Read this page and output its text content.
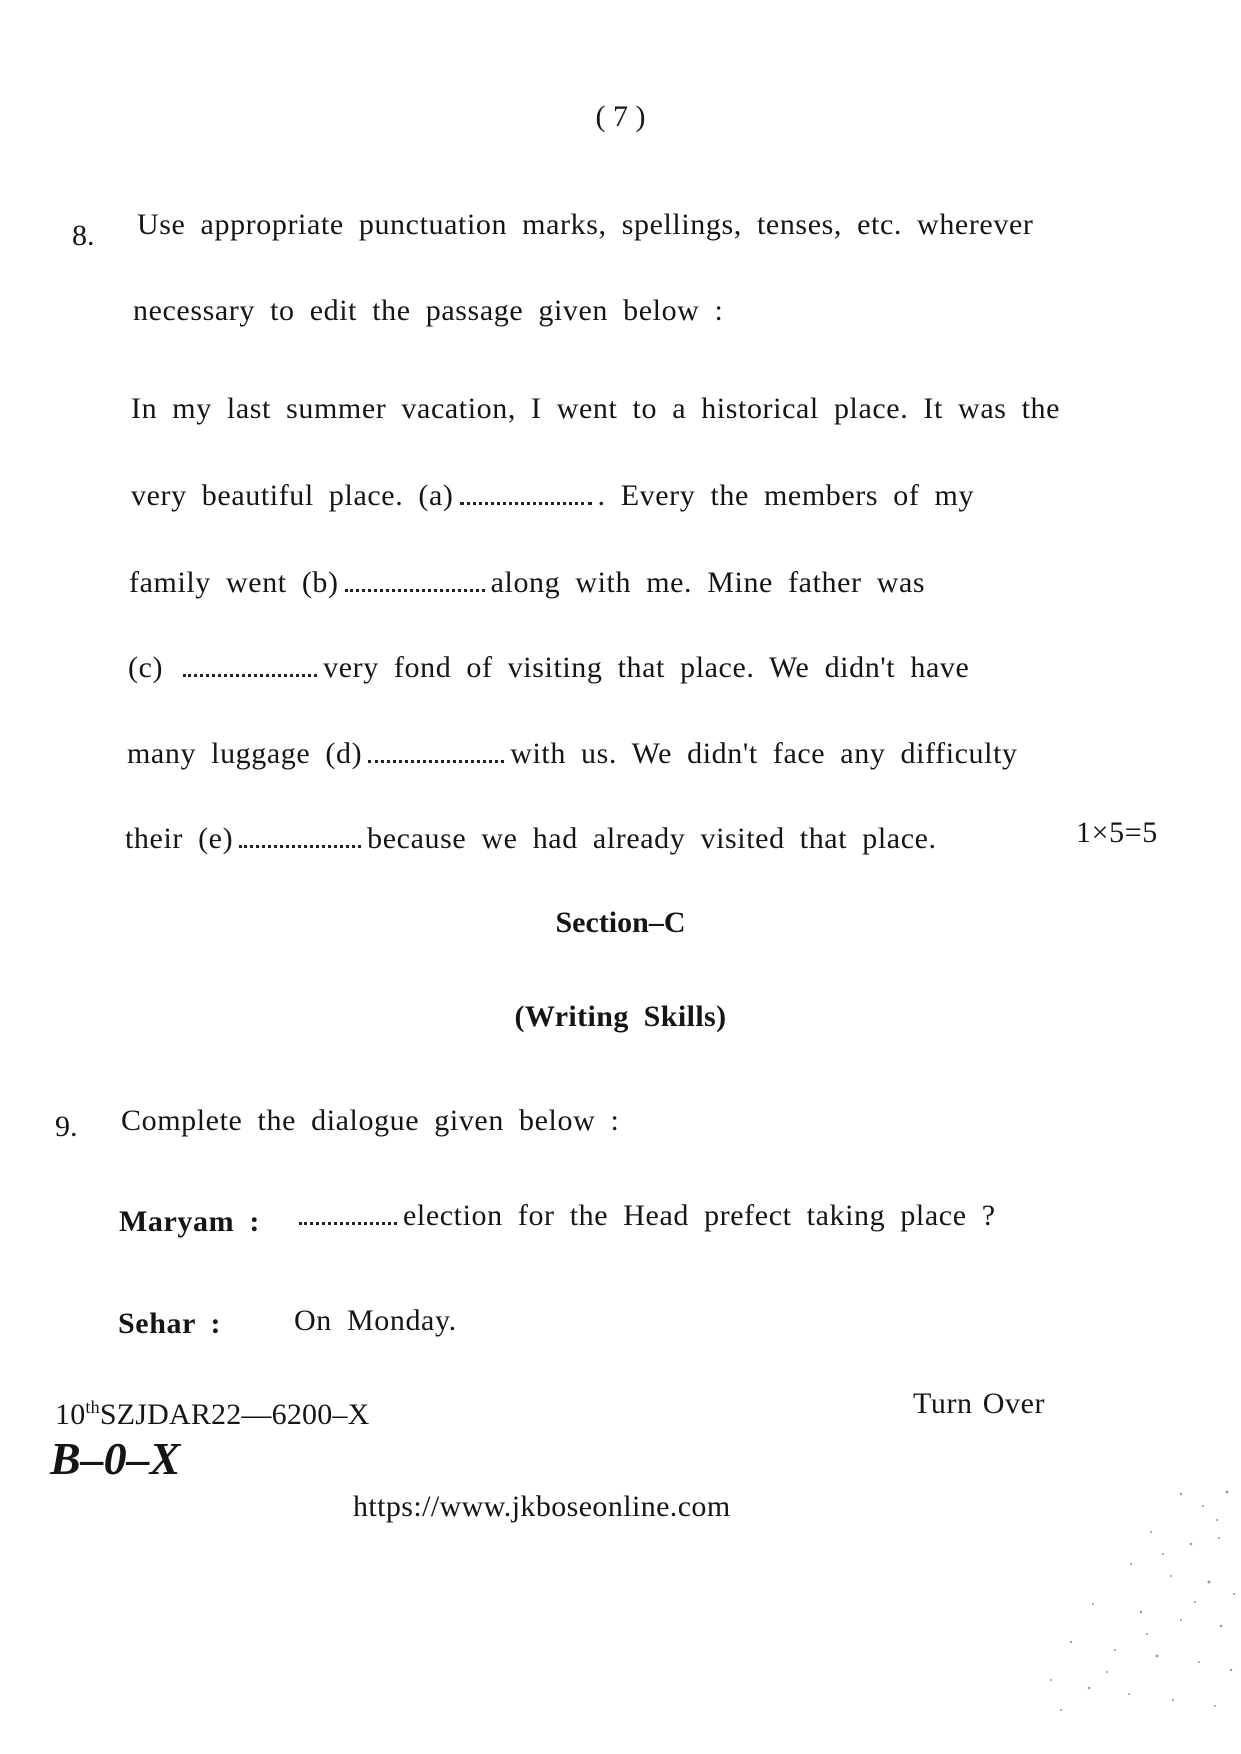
( 7 )
8. Use appropriate punctuation marks, spellings, tenses, etc. wherever
necessary to edit the passage given below :
In my last summer vacation, I went to a historical place. It was the
very beautiful place. (a)	. Every the members of my
family went (b)	along with me. Mine father was
(c)	very fond of visiting that place. We didn't have
many luggage (d)	with us. We didn't face any difficulty
their (e)	because we had already visited that place.	1×5=5
Section–C
(Writing Skills)
9. Complete the dialogue given below :
Maryam :	election for the Head prefect taking place ?
Sehar : On Monday.
10thSZJDAR22—6200–X	Turn Over
B–0–X
https://www.jkboseonline.com
